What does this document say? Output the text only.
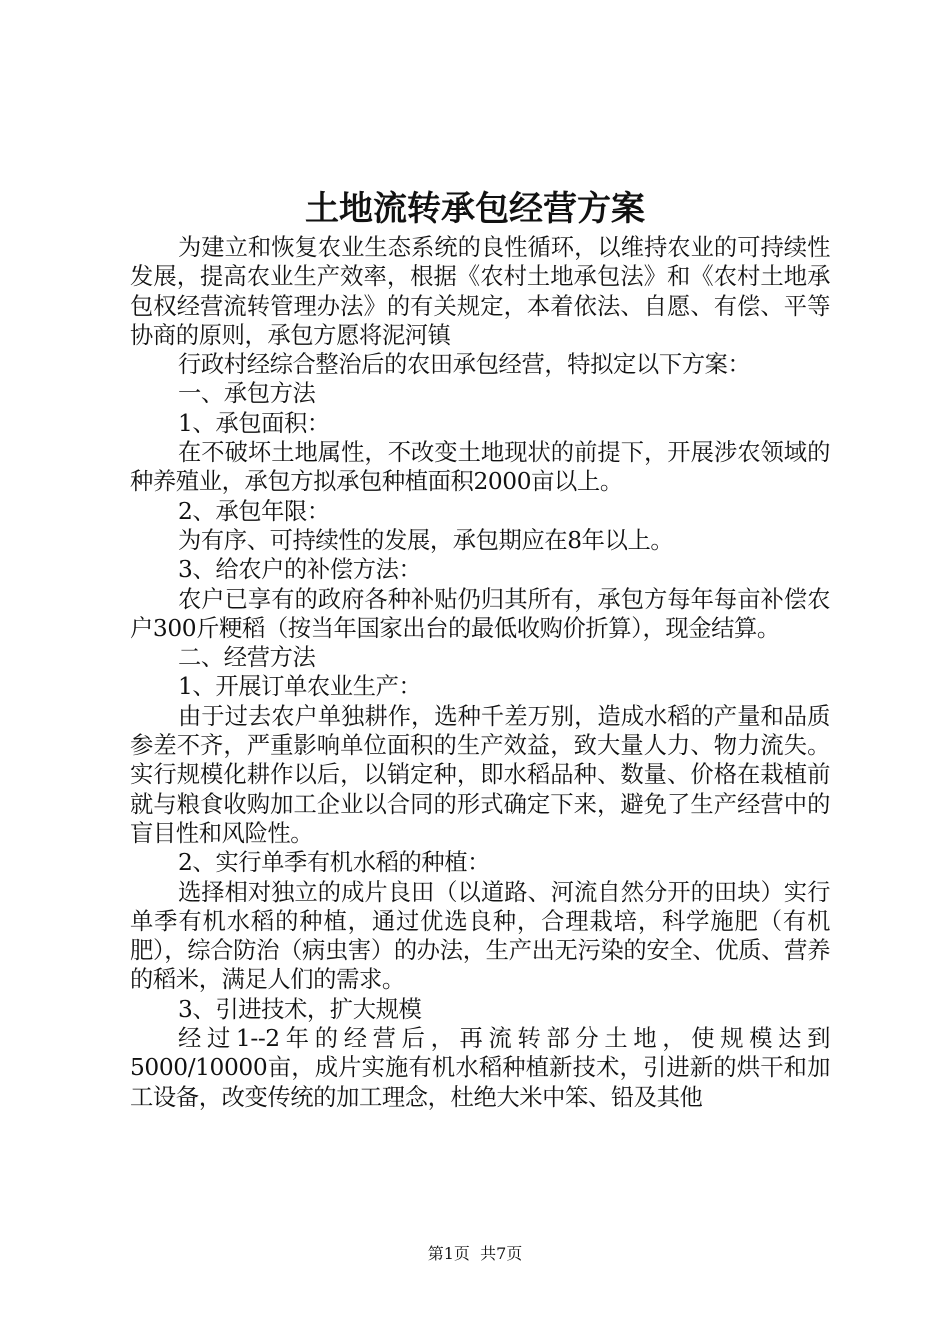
土地流转承包经营方案

为建立和恢复农业生态系统的良性循环，以维持农业的可持续性发展，提高农业生产效率，根据《农村土地承包法》和《农村土地承包权经营流转管理办法》的有关规定，本着依法、自愿、有偿、平等协商的原则，承包方愿将泥河镇

行政村经综合整治后的农田承包经营，特拟定以下方案：

一、承包方法

1、承包面积：

在不破坏土地属性，不改变土地现状的前提下，开展涉农领域的种养殖业，承包方拟承包种植面积2000亩以上。

2、承包年限：

为有序、可持续性的发展，承包期应在8年以上。

3、给农户的补偿方法：

农户已享有的政府各种补贴仍归其所有，承包方每年每亩补偿农户300斤粳稻（按当年国家出台的最低收购价折算），现金结算。

二、经营方法

1、开展订单农业生产：

由于过去农户单独耕作，选种千差万别，造成水稻的产量和品质参差不齐，严重影响单位面积的生产效益，致大量人力、物力流失。实行规模化耕作以后，以销定种，即水稻品种、数量、价格在栽植前就与粮食收购加工企业以合同的形式确定下来，避免了生产经营中的盲目性和风险性。

2、实行单季有机水稻的种植：

选择相对独立的成片良田（以道路、河流自然分开的田块）实行单季有机水稻的种植，通过优选良种，合理栽培，科学施肥（有机肥），综合防治（病虫害）的办法，生产出无污染的安全、优质、营养的稻米，满足人们的需求。

3、引进技术，扩大规模

经过1--2年的经营后，再流转部分土地，使规模达到5000/10000亩，成片实施有机水稻种植新技术，引进新的烘干和加工设备，改变传统的加工理念，杜绝大米中笨、铅及其他

第1页  共7页
